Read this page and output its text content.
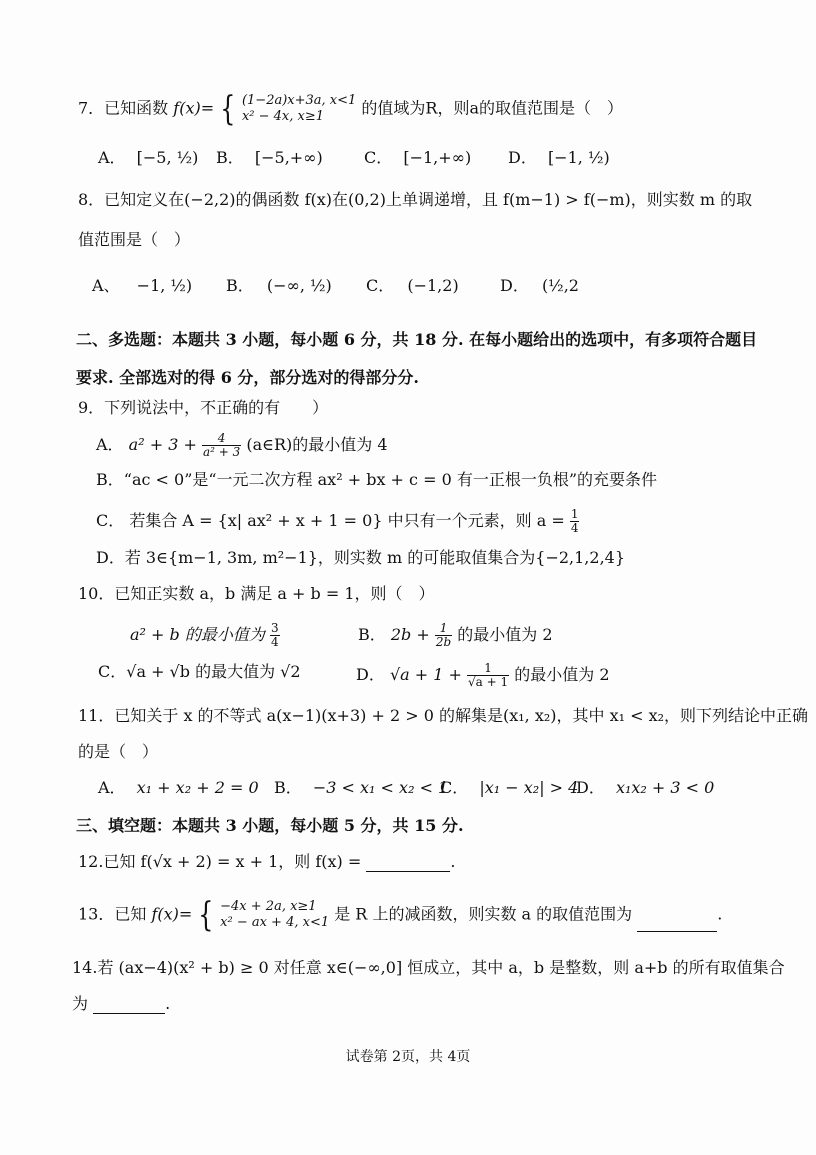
7．已知函数 f(x)= { (1−2a)x+3a, x<1
x² − 4x, x≥1	的值域为R，则a的取值范围是（　）
A． [−5, ½) B． [−5,+∞)	C． [−1,+∞) D． [−1, ½)
8．已知定义在(−2,2)的偶函数 f(x)在(0,2)上单调递增，且 f(m−1) > f(−m)，则实数 m 的取
值范围是（　）
A、 −1, ½) B． (−∞, ½) C． (−1,2)	D． (½,2
二、多选题：本题共 3 小题，每小题 6 分，共 18 分. 在每小题给出的选项中，有多项符合题目
要求. 全部选对的得 6 分，部分选对的得部分分.
9．下列说法中，不正确的有　　）
A． $a^2 + 3 + \frac{4}{\text{a² + 3}}$ (a∈R)的最小值为 4
B．“ac < 0”是“一元二次方程 ax² + bx + c = 0 有一正根一负根”的充要条件
C． 若集合 A = {x| ax² + x + 1 = 0} 中只有一个元素，则 $a = \frac{1}{4}$
D．若 3∈{m−1, 3m, m²−1}，则实数 m 的可能取值集合为{−2,1,2,4}
10．已知正实数 a，b 满足 a + b = 1，则（　）
a² + b 的最小值为 $\frac{3}{4}$	B． $2b + \frac{1}{2b}$ 的最小值为 2
C．√a + √b 的最大值为 √2	D． $√a + 1 + \frac{1}{√a + 1}$ 的最小值为 2
11．已知关于 x 的不等式 a(x−1)(x+3) + 2 > 0 的解集是(x₁, x₂)，其中 x₁ < x₂，则下列结论中正确
的是（　）
A． x₁ + x₂ + 2 = 0 B． −3 < x₁ < x₂ < 1
C． |x₁ − x₂| > 4
D． x₁x₂ + 3 < 0
三、填空题：本题共 3 小题，每小题 5 分，共 15 分.
12.已知 f(√x + 2) = x + 1，则 f(x) =	.
13．已知 f(x)= { −4x + 2a, x≥1
x² − ax + 4, x<1 是 R 上的减函数，则实数 a 的取值范围为	.
14.若 (ax−4)(x² + b) ≥ 0 对任意 x∈(−∞,0] 恒成立，其中 a，b 是整数，则 a+b 的所有取值集合
为	.
试卷第 2页，共 4页
